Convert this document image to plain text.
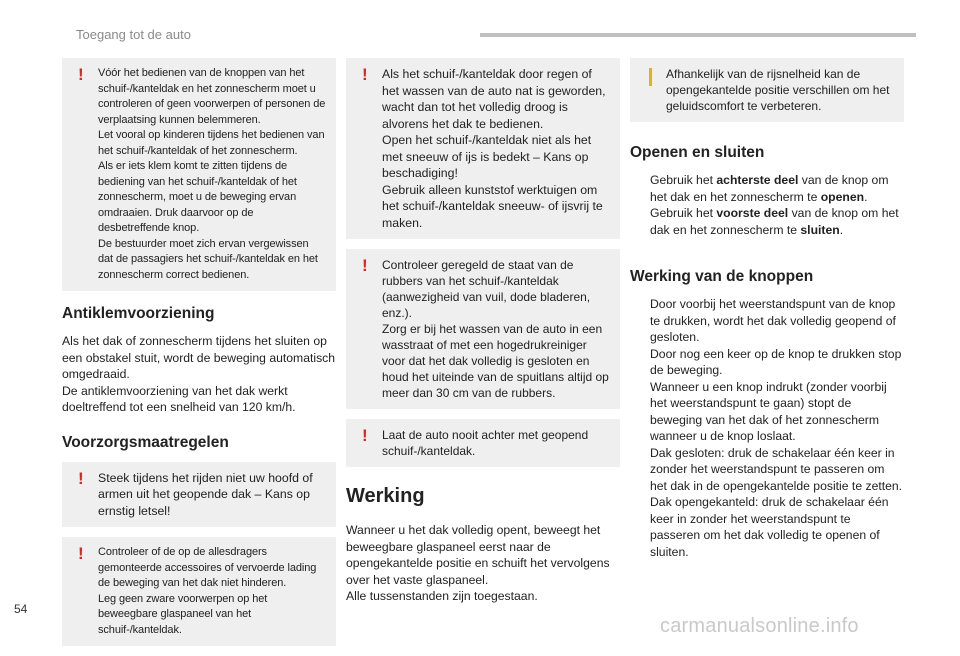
Toegang tot de auto
!	Vóór het bedienen van de knoppen van het schuif-/kanteldak en het zonnescherm moet u controleren of geen voorwerpen of personen de verplaatsing kunnen belemmeren.
Let vooral op kinderen tijdens het bedienen van het schuif-/kanteldak of het zonnescherm.
Als er iets klem komt te zitten tijdens de bediening van het schuif-/kanteldak of het zonnescherm, moet u de beweging ervan omdraaien. Druk daarvoor op de desbetreffende knop.
De bestuurder moet zich ervan vergewissen dat de passagiers het schuif-/kanteldak en het zonnescherm correct bedienen.

Antiklemvoorziening

Als het dak of zonnescherm tijdens het sluiten op een obstakel stuit, wordt de beweging automatisch omgedraaid.
De antiklemvoorziening van het dak werkt doeltreffend tot een snelheid van 120 km/h.

Voorzorgsmaatregelen
!	Steek tijdens het rijden niet uw hoofd of armen uit het geopende dak – Kans op ernstig letsel!

!	Controleer of de op de allesdragers gemonteerde accessoires of vervoerde lading de beweging van het dak niet hinderen.
Leg geen zware voorwerpen op het beweegbare glaspaneel van het schuif-/kanteldak.

!	Als het schuif-/kanteldak door regen of het wassen van de auto nat is geworden, wacht dan tot het volledig droog is alvorens het dak te bedienen.
Open het schuif-/kanteldak niet als het met sneeuw of ijs is bedekt – Kans op beschadiging!
Gebruik alleen kunststof werktuigen om het schuif-/kanteldak sneeuw- of ijsvrij te maken.

!	Controleer geregeld de staat van de rubbers van het schuif-/kanteldak (aanwezigheid van vuil, dode bladeren, enz.).
Zorg er bij het wassen van de auto in een wasstraat of met een hogedrukreiniger voor dat het dak volledig is gesloten en houd het uiteinde van de spuitlans altijd op meer dan 30 cm van de rubbers.

!	Laat de auto nooit achter met geopend schuif-/kanteldak.

Werking

Wanneer u het dak volledig opent, beweegt het beweegbare glaspaneel eerst naar de opengekantelde positie en schuift het vervolgens over het vaste glaspaneel.
Alle tussenstanden zijn toegestaan.

Afhankelijk van de rijsnelheid kan de opengekantelde positie verschillen om het geluidscomfort te verbeteren.

Openen en sluiten
Gebruik het achterste deel van de knop om het dak en het zonnescherm te openen.
Gebruik het voorste deel van de knop om het dak en het zonnescherm te sluiten.
Werking van de knoppen
Door voorbij het weerstandspunt van de knop te drukken, wordt het dak volledig geopend of gesloten.
Door nog een keer op de knop te drukken stop de beweging.
Wanneer u een knop indrukt (zonder voorbij het weerstandspunt te gaan) stopt de beweging van het dak of het zonnescherm wanneer u de knop loslaat.
Dak gesloten: druk de schakelaar één keer in zonder het weerstandspunt te passeren om het dak in de opengekantelde positie te zetten.
Dak opengekanteld: druk de schakelaar één keer in zonder het weerstandspunt te passeren om het dak volledig te openen of sluiten.
54
carmanualsonline.info
